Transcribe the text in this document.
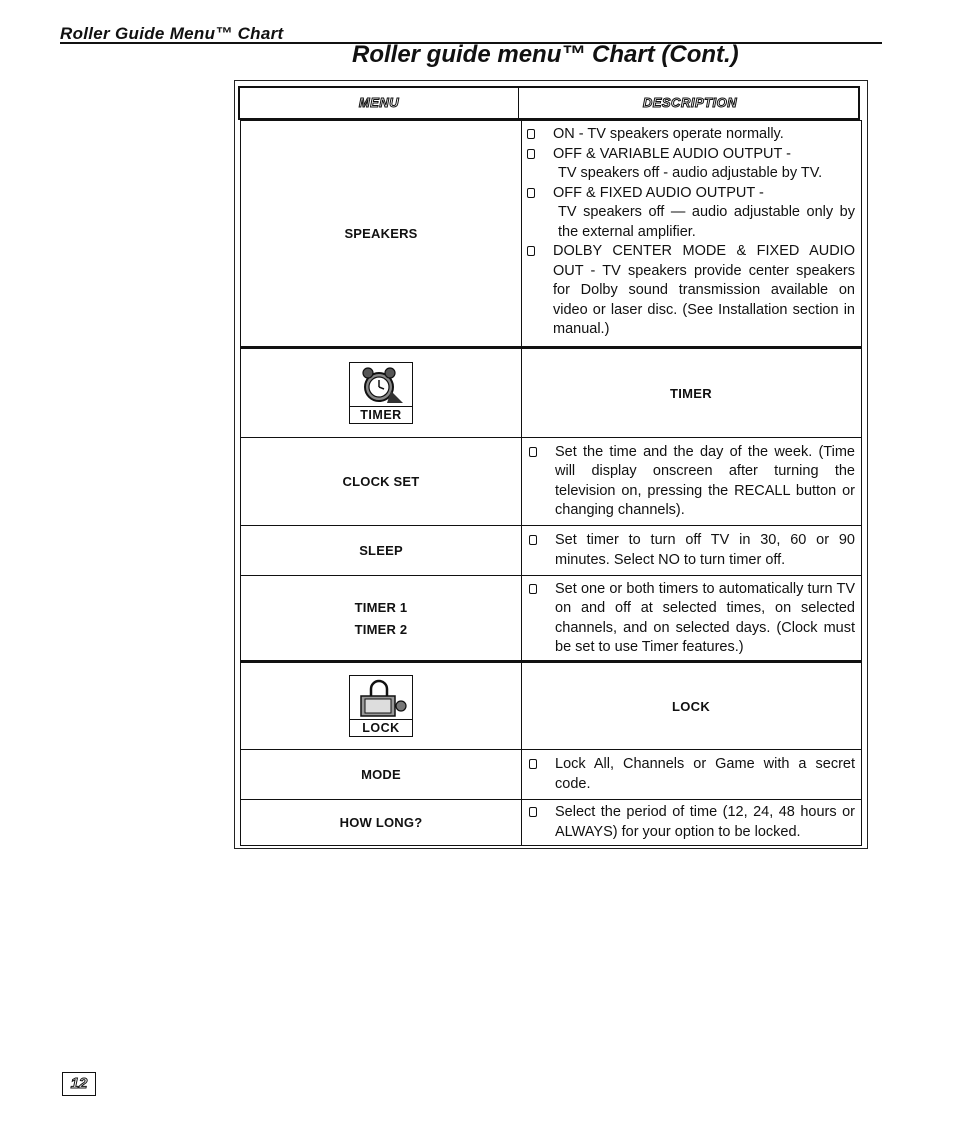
Roller Guide Menu™ Chart
Roller guide menu™ Chart (Cont.)
MENU	DESCRIPTION
SPEAKERS
ON - TV speakers operate normally.
OFF & VARIABLE AUDIO OUTPUT -
TV speakers off - audio adjustable by TV.
OFF & FIXED AUDIO OUTPUT -
TV speakers off — audio adjustable only by the external amplifier.
DOLBY CENTER MODE & FIXED AUDIO OUT - TV speakers provide center speakers for Dolby sound transmission available on video or laser disc. (See Installation section in manual.)
TIMER
TIMER
CLOCK SET
Set the time and the day of the week. (Time will display onscreen after turning the television on, pressing the RECALL button or changing channels).
SLEEP
Set timer to turn off TV in 30, 60 or 90 minutes. Select NO to turn timer off.
TIMER 1
TIMER 2
Set one or both timers to automatically turn TV on and off at selected times, on selected channels, and on selected days. (Clock must be set to use Timer features.)
LOCK
LOCK
MODE
Lock All, Channels or Game with a secret code.
HOW LONG?
Select the period of time (12, 24, 48 hours or ALWAYS) for your option to be locked.
12
